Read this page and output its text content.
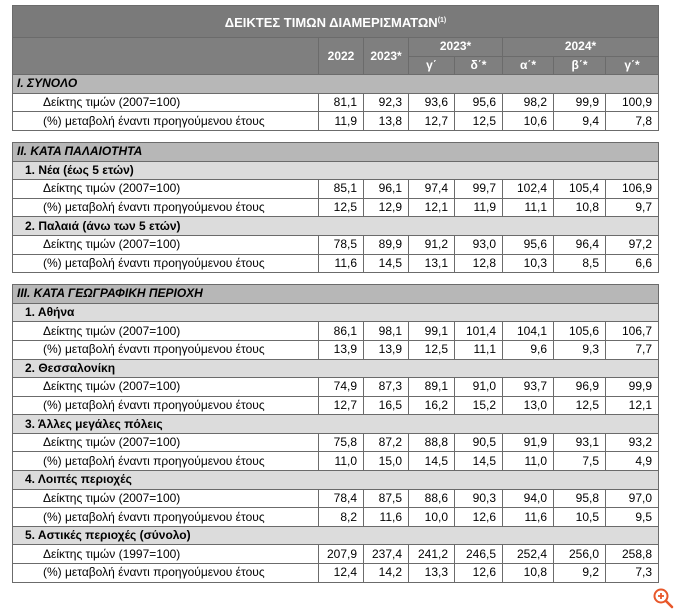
ΔΕΙΚΤΕΣ ΤΙΜΩΝ ΔΙΑΜΕΡΙΣΜΑΤΩΝ$^{(1)}$
	2022	2023*	2023*		2024*		
			γ΄	δ΄*	α΄*	β΄*	γ΄*
Ι. ΣΥΝΟΛΟ							
Δείκτης τιμών (2007=100)	81,1	92,3	93,6	95,6	98,2	99,9	100,9
(%) μεταβολή έναντι προηγούμενου έτους	11,9	13,8	12,7	12,5	10,6	9,4	7,8

ΙΙ. ΚΑΤΑ ΠΑΛΑΙΟΤΗΤΑ							
1. Νέα (έως 5 ετών)							
Δείκτης τιμών (2007=100)	85,1	96,1	97,4	99,7	102,4	105,4	106,9
(%) μεταβολή έναντι προηγούμενου έτους	12,5	12,9	12,1	11,9	11,1	10,8	9,7
2. Παλαιά (άνω των 5 ετών)							
Δείκτης τιμών (2007=100)	78,5	89,9	91,2	93,0	95,6	96,4	97,2
(%) μεταβολή έναντι προηγούμενου έτους	11,6	14,5	13,1	12,8	10,3	8,5	6,6

ΙΙΙ. ΚΑΤΑ ΓΕΩΓΡΑΦΙΚΗ ΠΕΡΙΟΧΗ							
1. Αθήνα							
Δείκτης τιμών (2007=100)	86,1	98,1	99,1	101,4	104,1	105,6	106,7
(%) μεταβολή έναντι προηγούμενου έτους	13,9	13,9	12,5	11,1	9,6	9,3	7,7
2. Θεσσαλονίκη							
Δείκτης τιμών (2007=100)	74,9	87,3	89,1	91,0	93,7	96,9	99,9
(%) μεταβολή έναντι προηγούμενου έτους	12,7	16,5	16,2	15,2	13,0	12,5	12,1
3. Άλλες μεγάλες πόλεις							
Δείκτης τιμών (2007=100)	75,8	87,2	88,8	90,5	91,9	93,1	93,2
(%) μεταβολή έναντι προηγούμενου έτους	11,0	15,0	14,5	14,5	11,0	7,5	4,9
4. Λοιπές περιοχές							
Δείκτης τιμών (2007=100)	78,4	87,5	88,6	90,3	94,0	95,8	97,0
(%) μεταβολή έναντι προηγούμενου έτους	8,2	11,6	10,0	12,6	11,6	10,5	9,5
5. Αστικές περιοχές (σύνολο)							
Δείκτης τιμών (1997=100)	207,9	237,4	241,2	246,5	252,4	256,0	258,8
(%) μεταβολή έναντι προηγούμενου έτους	12,4	14,2	13,3	12,6	10,8	9,2	7,3
